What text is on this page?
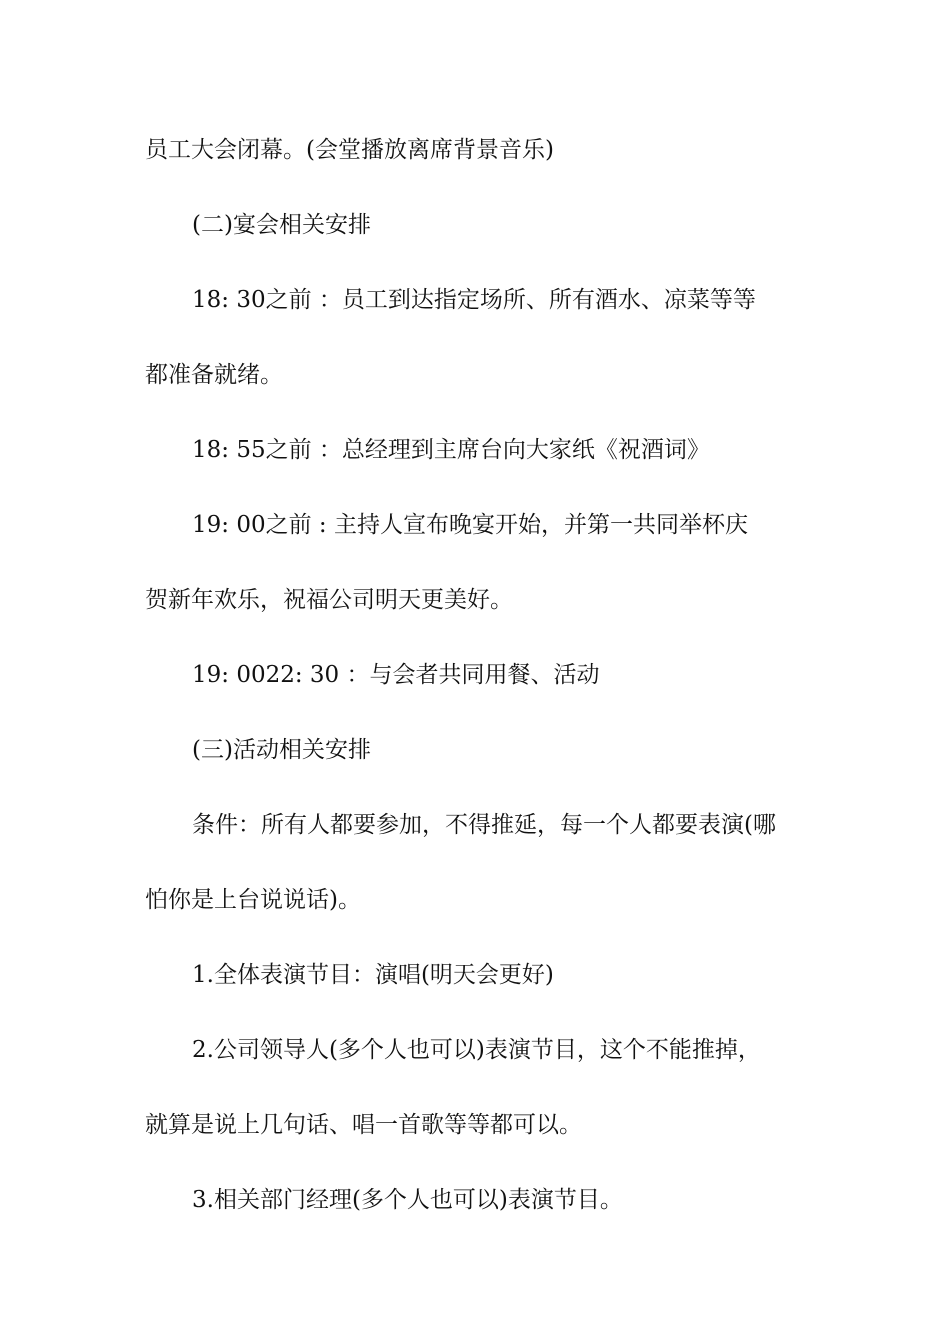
员工大会闭幕。(会堂播放离席背景音乐)
(二)宴会相关安排
18: 30之前 ：员工到达指定场所、所有酒水、凉菜等等
都准备就绪。
18: 55之前 ：总经理到主席台向大家纸《祝酒词》
19: 00之前 : 主持人宣布晚宴开始，并第一共同举杯庆
贺新年欢乐，祝福公司明天更美好。
19: 0022: 30 ：与会者共同用餐、活动
(三)活动相关安排
条件：所有人都要参加，不得推延，每一个人都要表演(哪
怕你是上台说说话)。
1.全体表演节目：演唱(明天会更好)
2.公司领导人(多个人也可以)表演节目，这个不能推掉，
就算是说上几句话、唱一首歌等等都可以。
3.相关部门经理(多个人也可以)表演节目。
